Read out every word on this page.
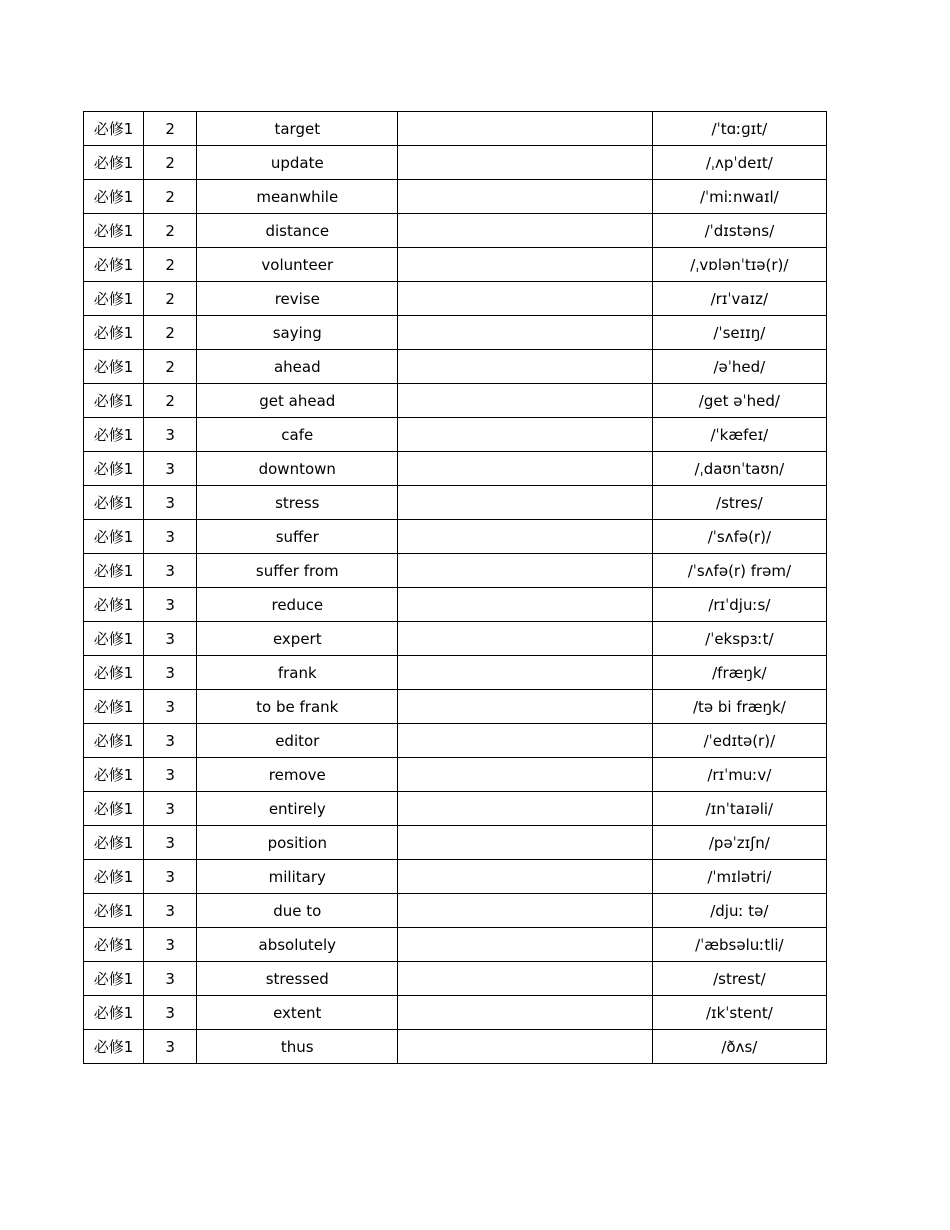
必修1	2	target		/ˈtɑːɡɪt/
必修1	2	update		/ˌʌpˈdeɪt/
必修1	2	meanwhile		/ˈmiːnwaɪl/
必修1	2	distance		/ˈdɪstəns/
必修1	2	volunteer		/ˌvɒlənˈtɪə(r)/
必修1	2	revise		/rɪˈvaɪz/
必修1	2	saying		/ˈseɪɪŋ/
必修1	2	ahead		/əˈhed/
必修1	2	get ahead		/get əˈhed/
必修1	3	cafe		/ˈkæfeɪ/
必修1	3	downtown		/ˌdaʊnˈtaʊn/
必修1	3	stress		/stres/
必修1	3	suffer		/ˈsʌfə(r)/
必修1	3	suffer from		/ˈsʌfə(r) frəm/
必修1	3	reduce		/rɪˈdjuːs/
必修1	3	expert		/ˈekspɜːt/
必修1	3	frank		/fræŋk/
必修1	3	to be frank		/tə bi fræŋk/
必修1	3	editor		/ˈedɪtə(r)/
必修1	3	remove		/rɪˈmuːv/
必修1	3	entirely		/ɪnˈtaɪəli/
必修1	3	position		/pəˈzɪʃn/
必修1	3	military		/ˈmɪlətri/
必修1	3	due to		/djuː tə/
必修1	3	absolutely		/ˈæbsəluːtli/
必修1	3	stressed		/strest/
必修1	3	extent		/ɪkˈstent/
必修1	3	thus		/ðʌs/
